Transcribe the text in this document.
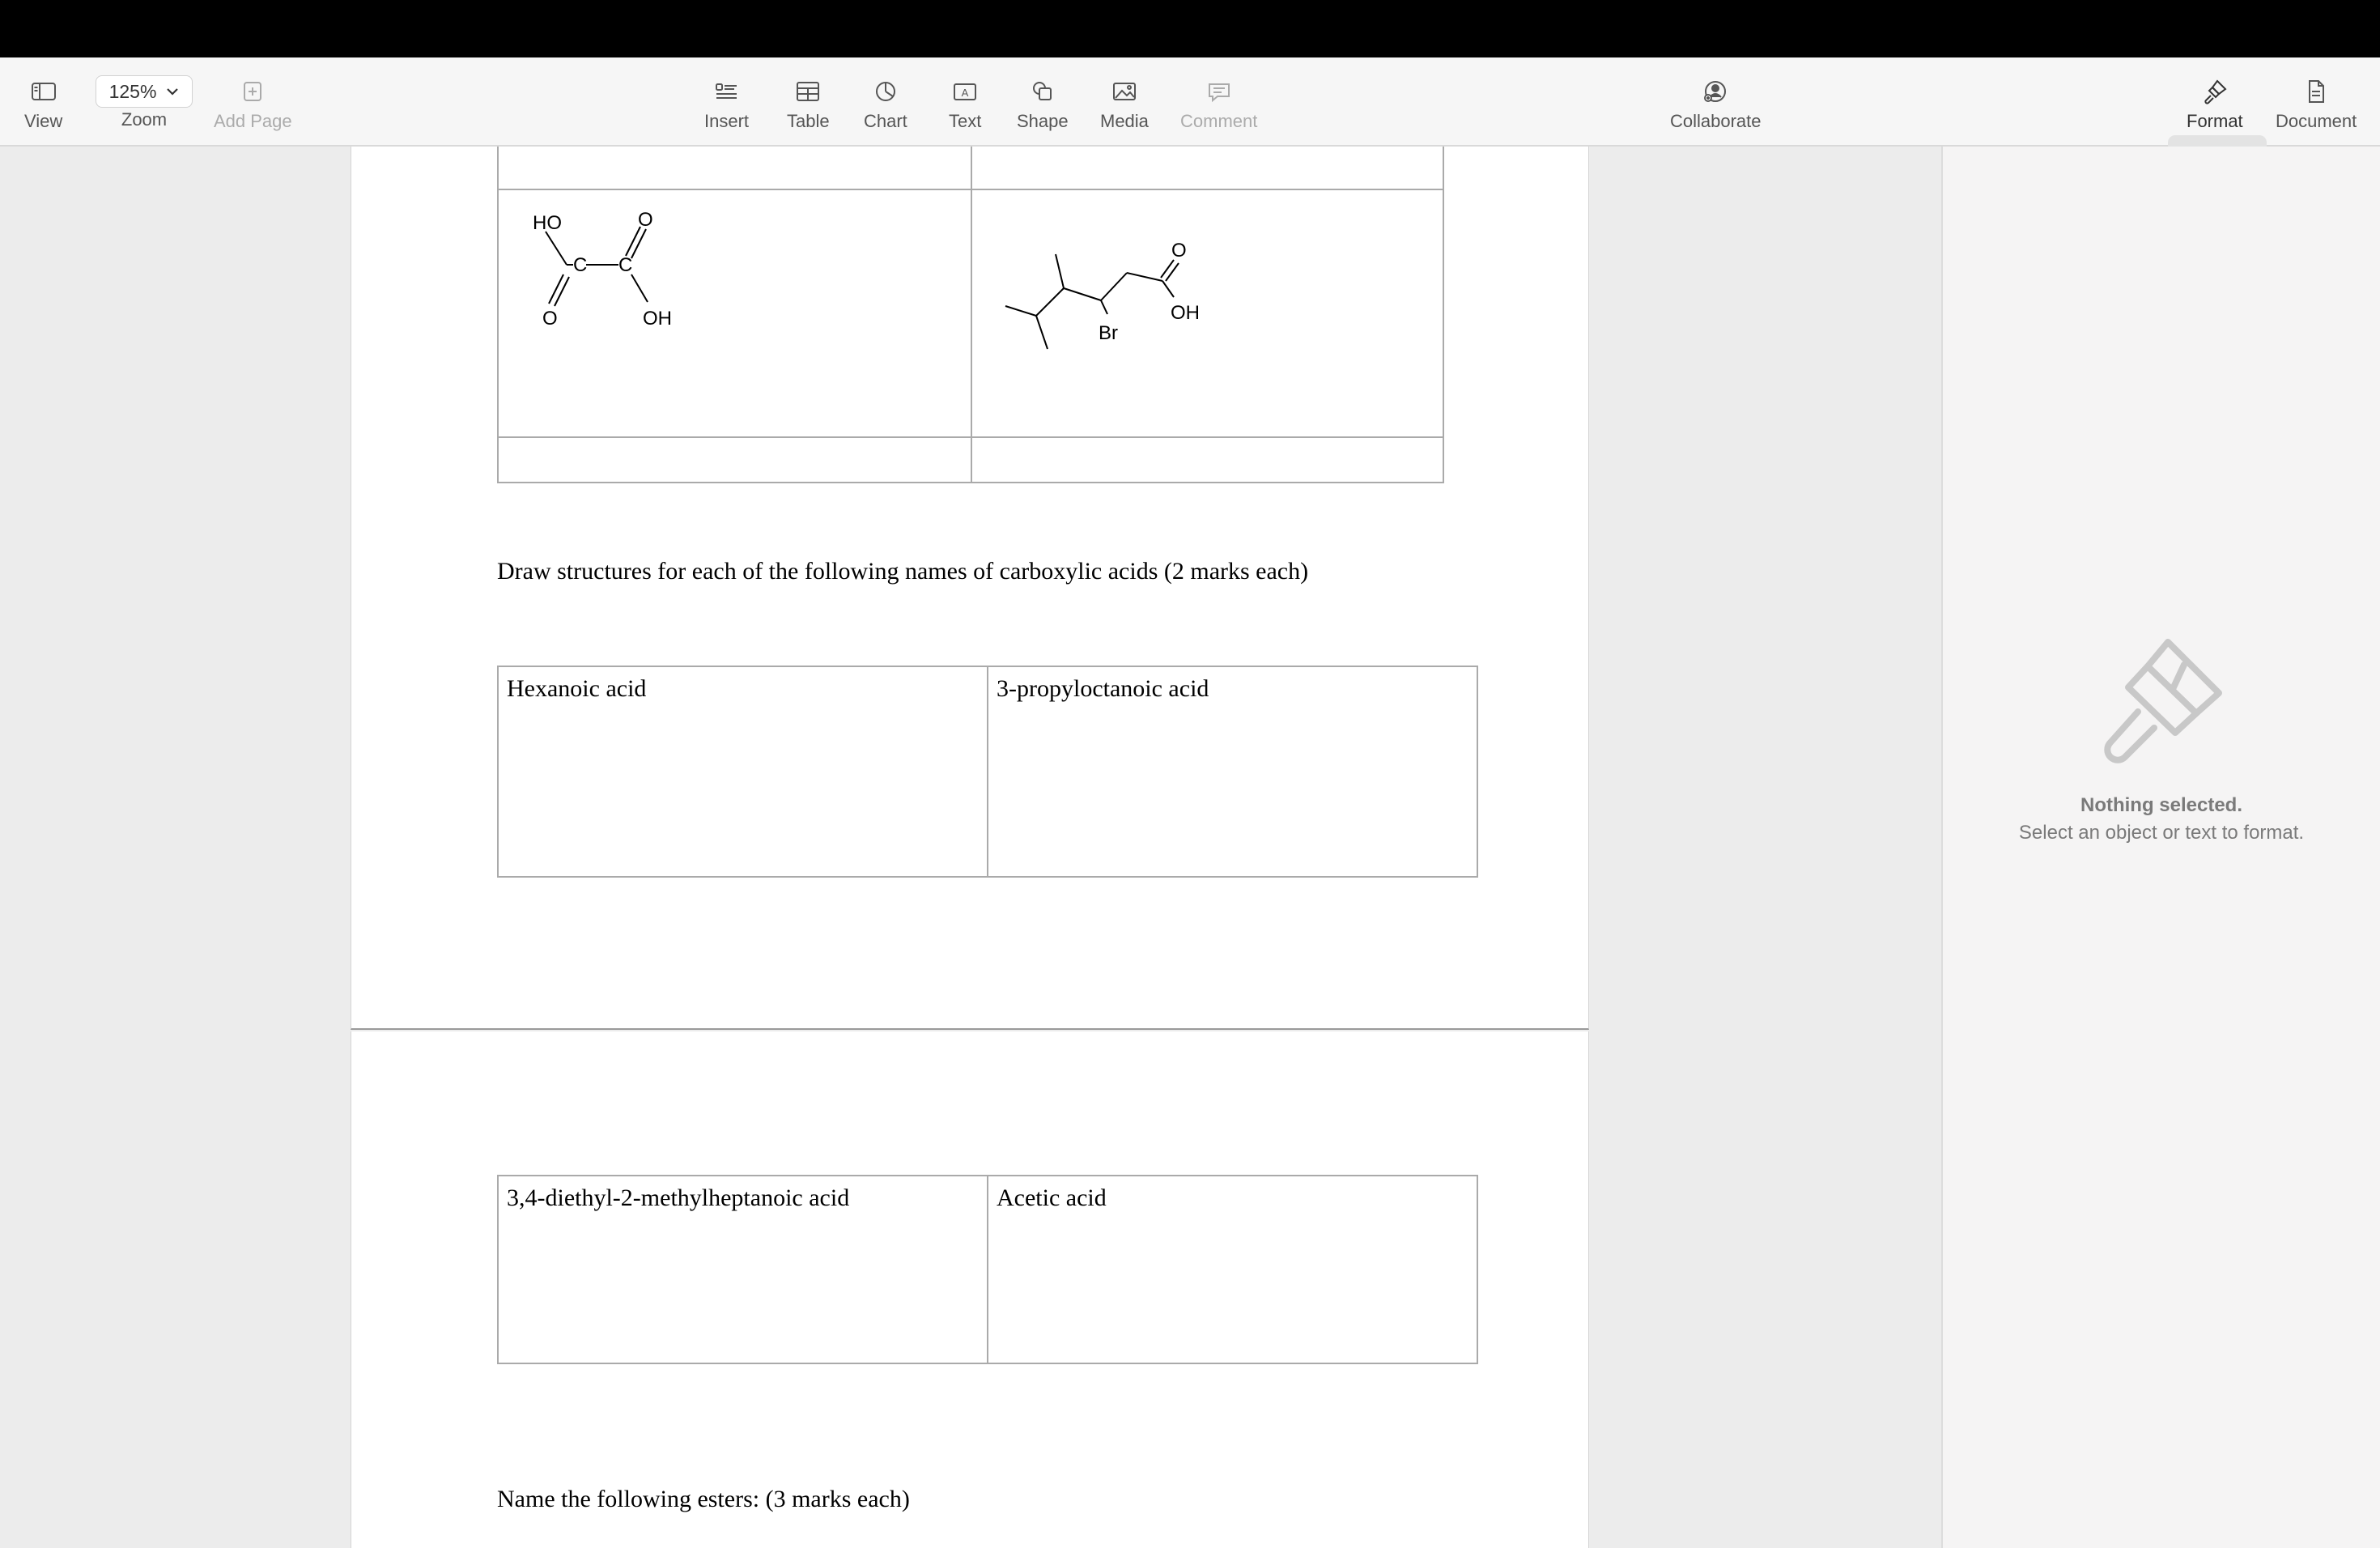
View
125%
Zoom	Add Page	Insert Table Chart
A
Text Shape Media Comment	Collaborate	Format Document
HO	O
C C
O	OH
O
OH
Br
Draw structures for each of the following names of carboxylic acids (2 marks each)
Hexanoic acid	3-propyloctanoic acid
3,4-diethyl-2-methylheptanoic acid	Acetic acid
Name the following esters: (3 marks each)
Nothing selected.
Select an object or text to format.
